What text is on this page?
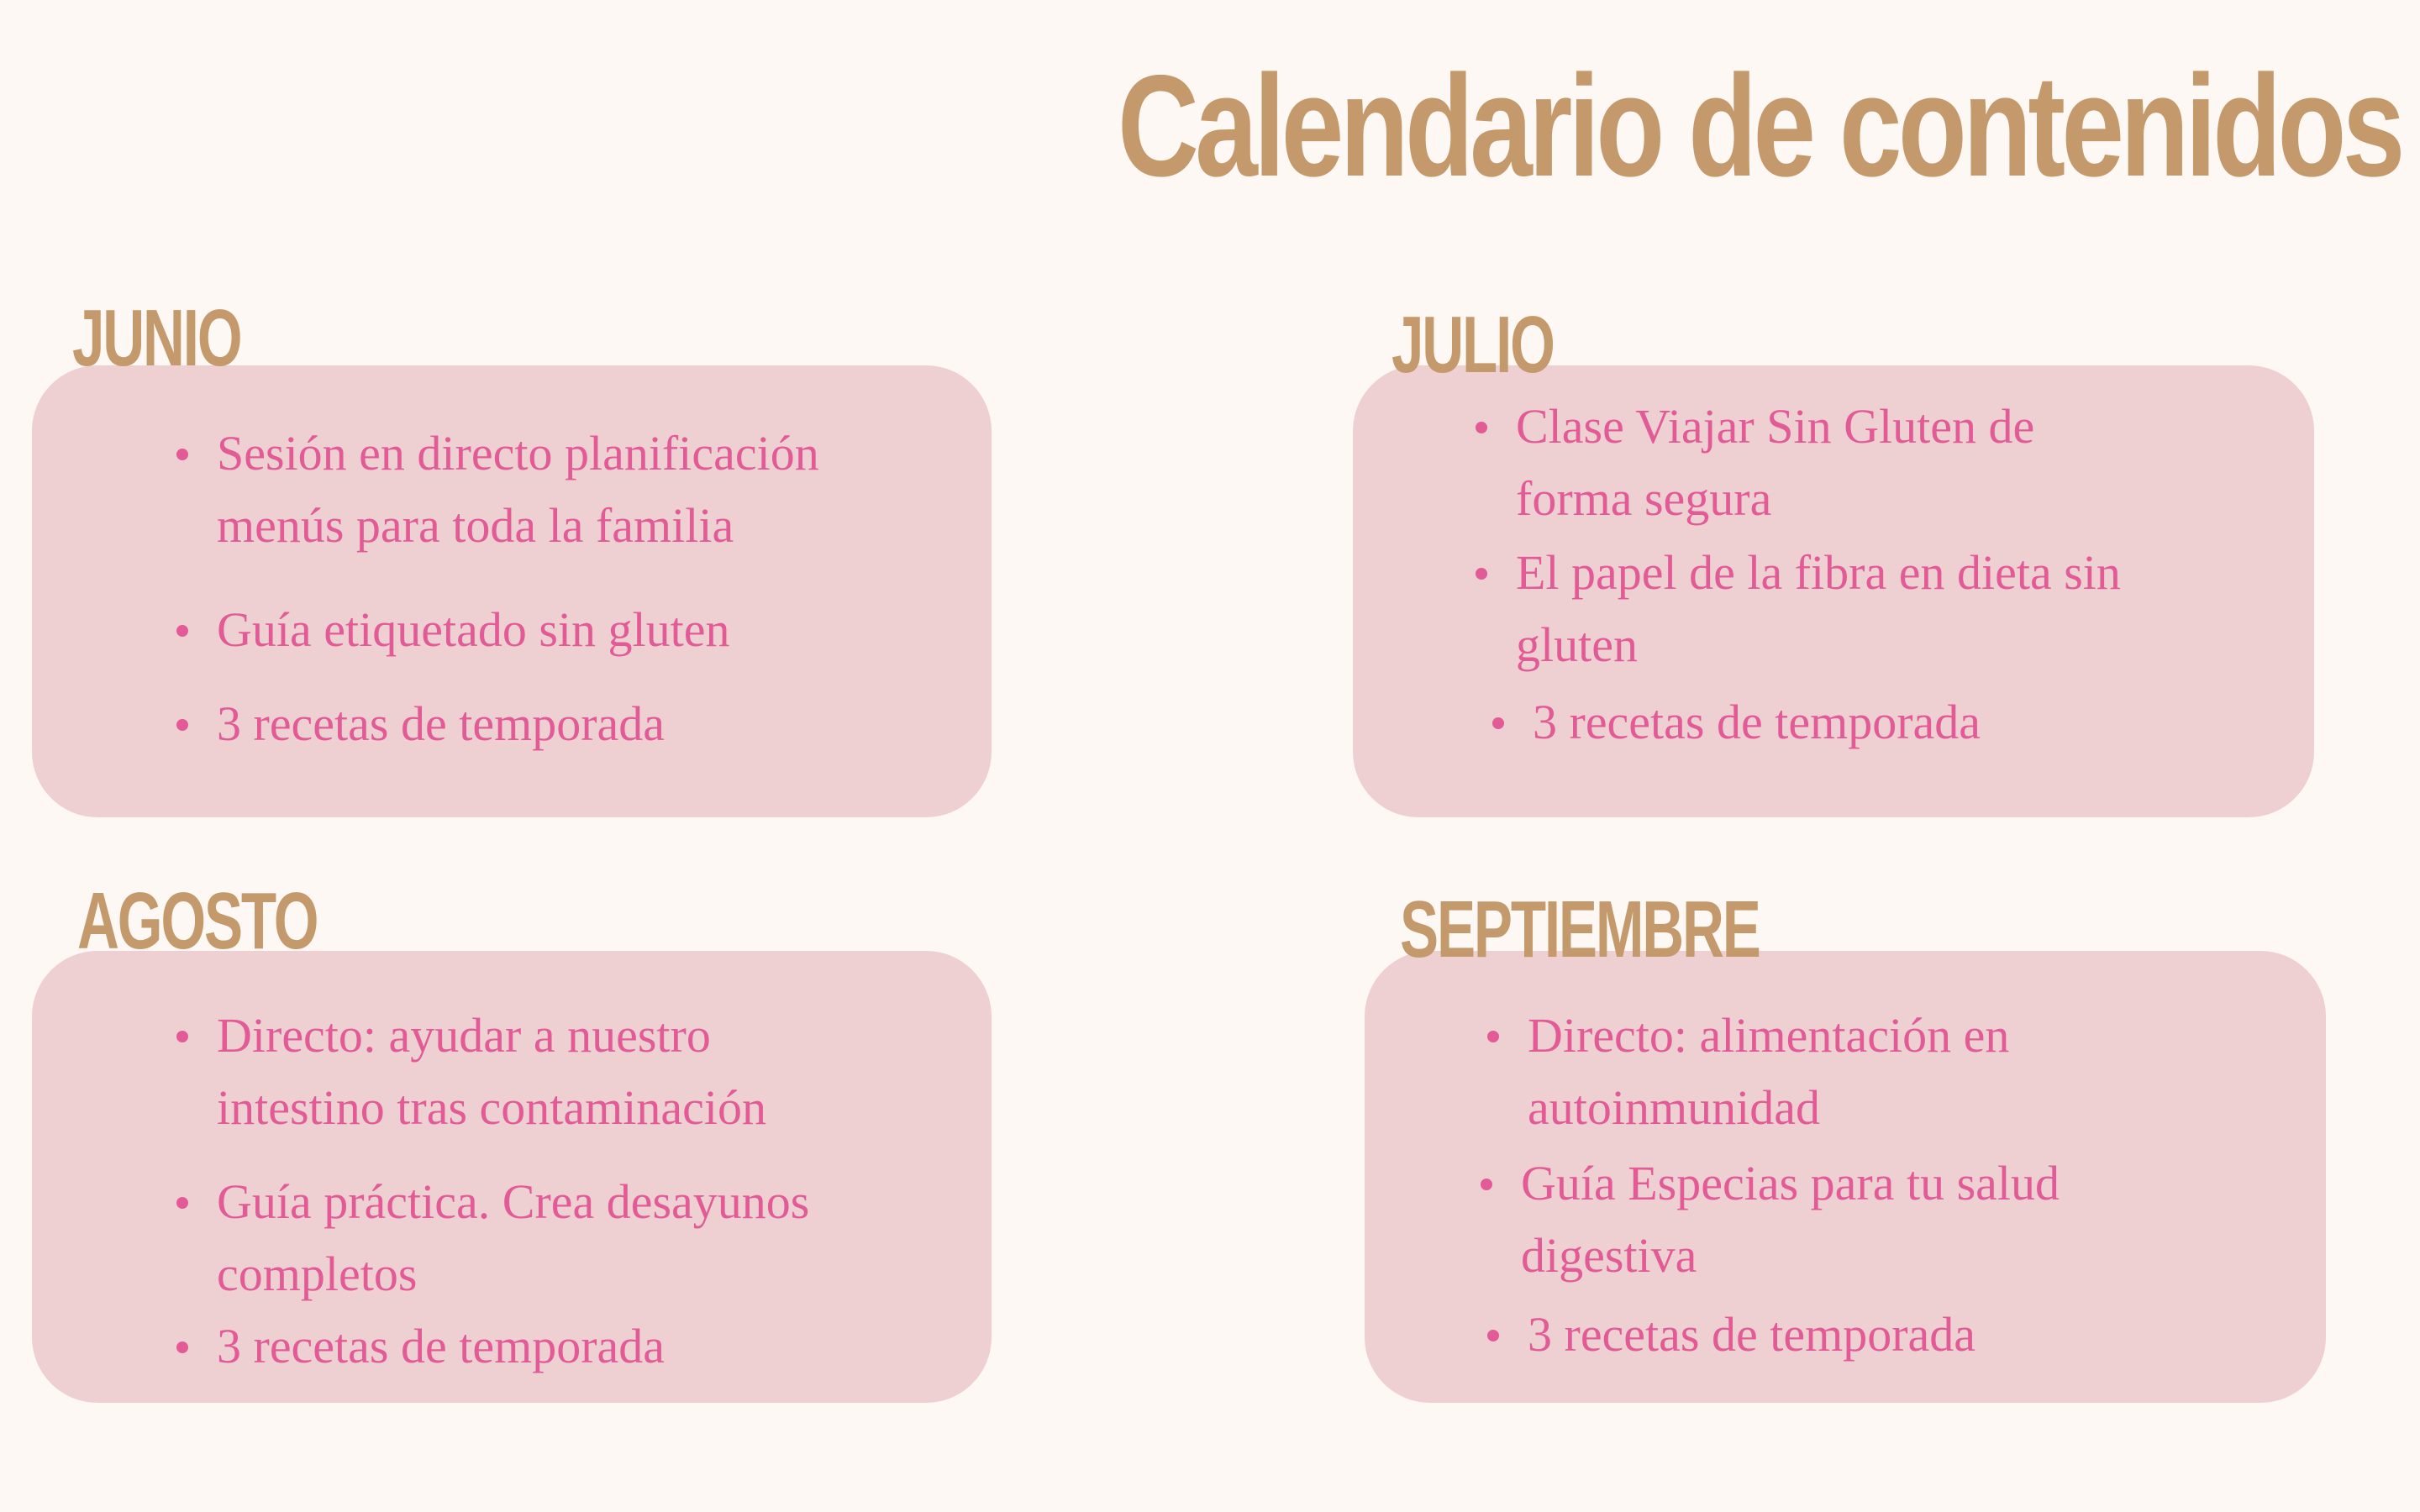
Calendario de contenidos
JUNIO
Sesión en directo planificación
menús para toda la familia
Guía etiquetado sin gluten
3 recetas de temporada
JULIO
Clase Viajar Sin Gluten de
forma segura
El papel de la fibra en dieta sin
gluten
3 recetas de temporada
AGOSTO
Directo: ayudar a nuestro
intestino tras contaminación
Guía práctica. Crea desayunos
completos
3 recetas de temporada
SEPTIEMBRE
Directo: alimentación en
autoinmunidad
Guía Especias para tu salud
digestiva
3 recetas de temporada
